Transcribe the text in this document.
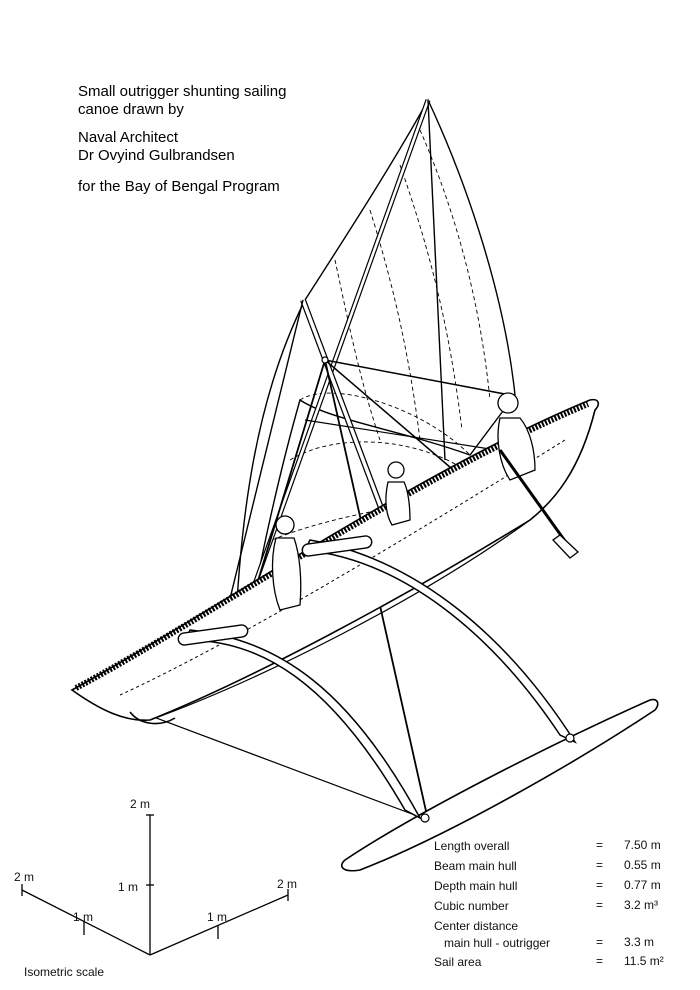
Small outrigger shunting sailing
canoe drawn by
Naval Architect
Dr Ovyind Gulbrandsen
for the Bay of Bengal Program
2 m
1 m
2 m
1 m	1 m
2 m
Isometric scale
Length overall	= 7.50 m
Beam main hull	= 0.55 m
Depth main hull	= 0.77 m
Cubic number	= 3.2 m³
Center distance
main hull - outrigger	= 3.3 m
Sail area	= 11.5 m²
